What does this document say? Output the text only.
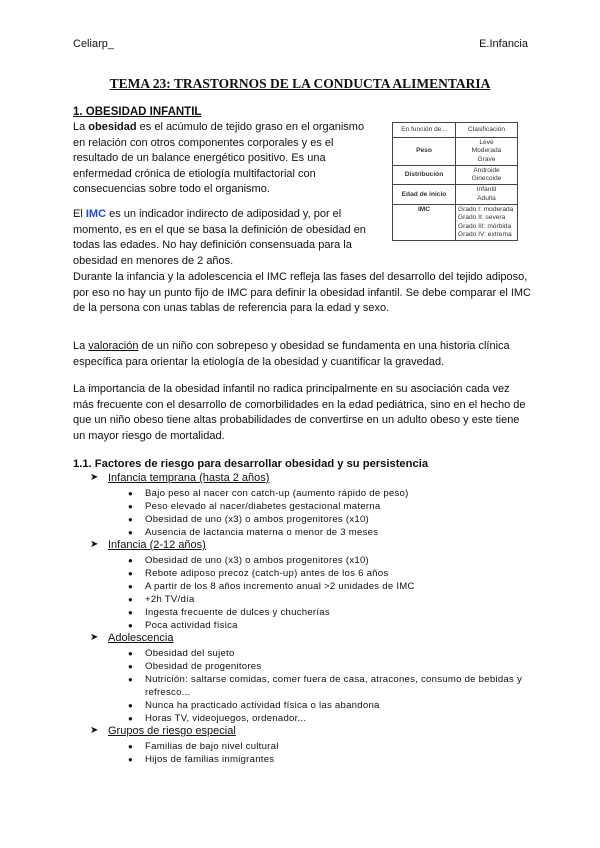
Celiarp_	E.Infancia
TEMA 23: TRASTORNOS DE LA CONDUCTA ALIMENTARIA
1. OBESIDAD INFANTIL
La obesidad es el acúmulo de tejido graso en el organismo en relación con otros componentes corporales y es el resultado de un balance energético positivo. Es una enfermedad crónica de etiología multifactorial con consecuencias sobre todo el organismo.
El IMC es un indicador indirecto de adiposidad y, por el momento, es en el que se basa la definición de obesidad en todas las edades. No hay definición consensuada para la obesidad en menores de 2 años.
Durante la infancia y la adolescencia el IMC refleja las fases del desarrollo del tejido adiposo, por eso no hay un punto fijo de IMC para definir la obesidad infantil. Se debe comparar el IMC de la persona con unas tablas de referencia para la edad y sexo.
La valoración de un niño con sobrepeso y obesidad se fundamenta en una historia clínica específica para orientar la etiología de la obesidad y cuantificar la gravedad.
La importancia de la obesidad infantil no radica principalmente en su asociación cada vez más frecuente con el desarrollo de comorbilidades en la edad pediátrica, sino en el hecho de que un niño obeso tiene altas probabilidades de convertirse en un adulto obeso y este tiene un mayor riesgo de mortalidad.
En función de...	Clasificación
Peso	Leve
Moderada
Grave

Distribución	Androide
Ginecoide

Edad de inicio	Infantil
Adulta

IMC	Grado I: moderada
Grado II: severa
Grado III: mórbida
Grado IV: extrema
1.1. Factores de riesgo para desarrollar obesidad y su persistencia
➤ Infancia temprana (hasta 2 años)
● Bajo peso al nacer con catch-up (aumento rápido de peso)
● Peso elevado al nacer/diabetes gestacional materna
● Obesidad de uno (x3) o ambos progenitores (x10)
● Ausencia de lactancia materna o menor de 3 meses
➤ Infancia (2-12 años)
● Obesidad de uno (x3) o ambos progenitores (x10)
● Rebote adiposo precoz (catch-up) antes de los 6 años
● A partir de los 8 años incremento anual >2 unidades de IMC
● +2h TV/día
● Ingesta frecuente de dulces y chucherías
● Poca actividad física
➤ Adolescencia
● Obesidad del sujeto
● Obesidad de progenitores
● Nutrición: saltarse comidas, comer fuera de casa, atracones, consumo de bebidas y refresco...
● Nunca ha practicado actividad física o las abandona
● Horas TV, videojuegos, ordenador...
➤ Grupos de riesgo especial
● Familias de bajo nivel cultural
● Hijos de familias inmigrantes
